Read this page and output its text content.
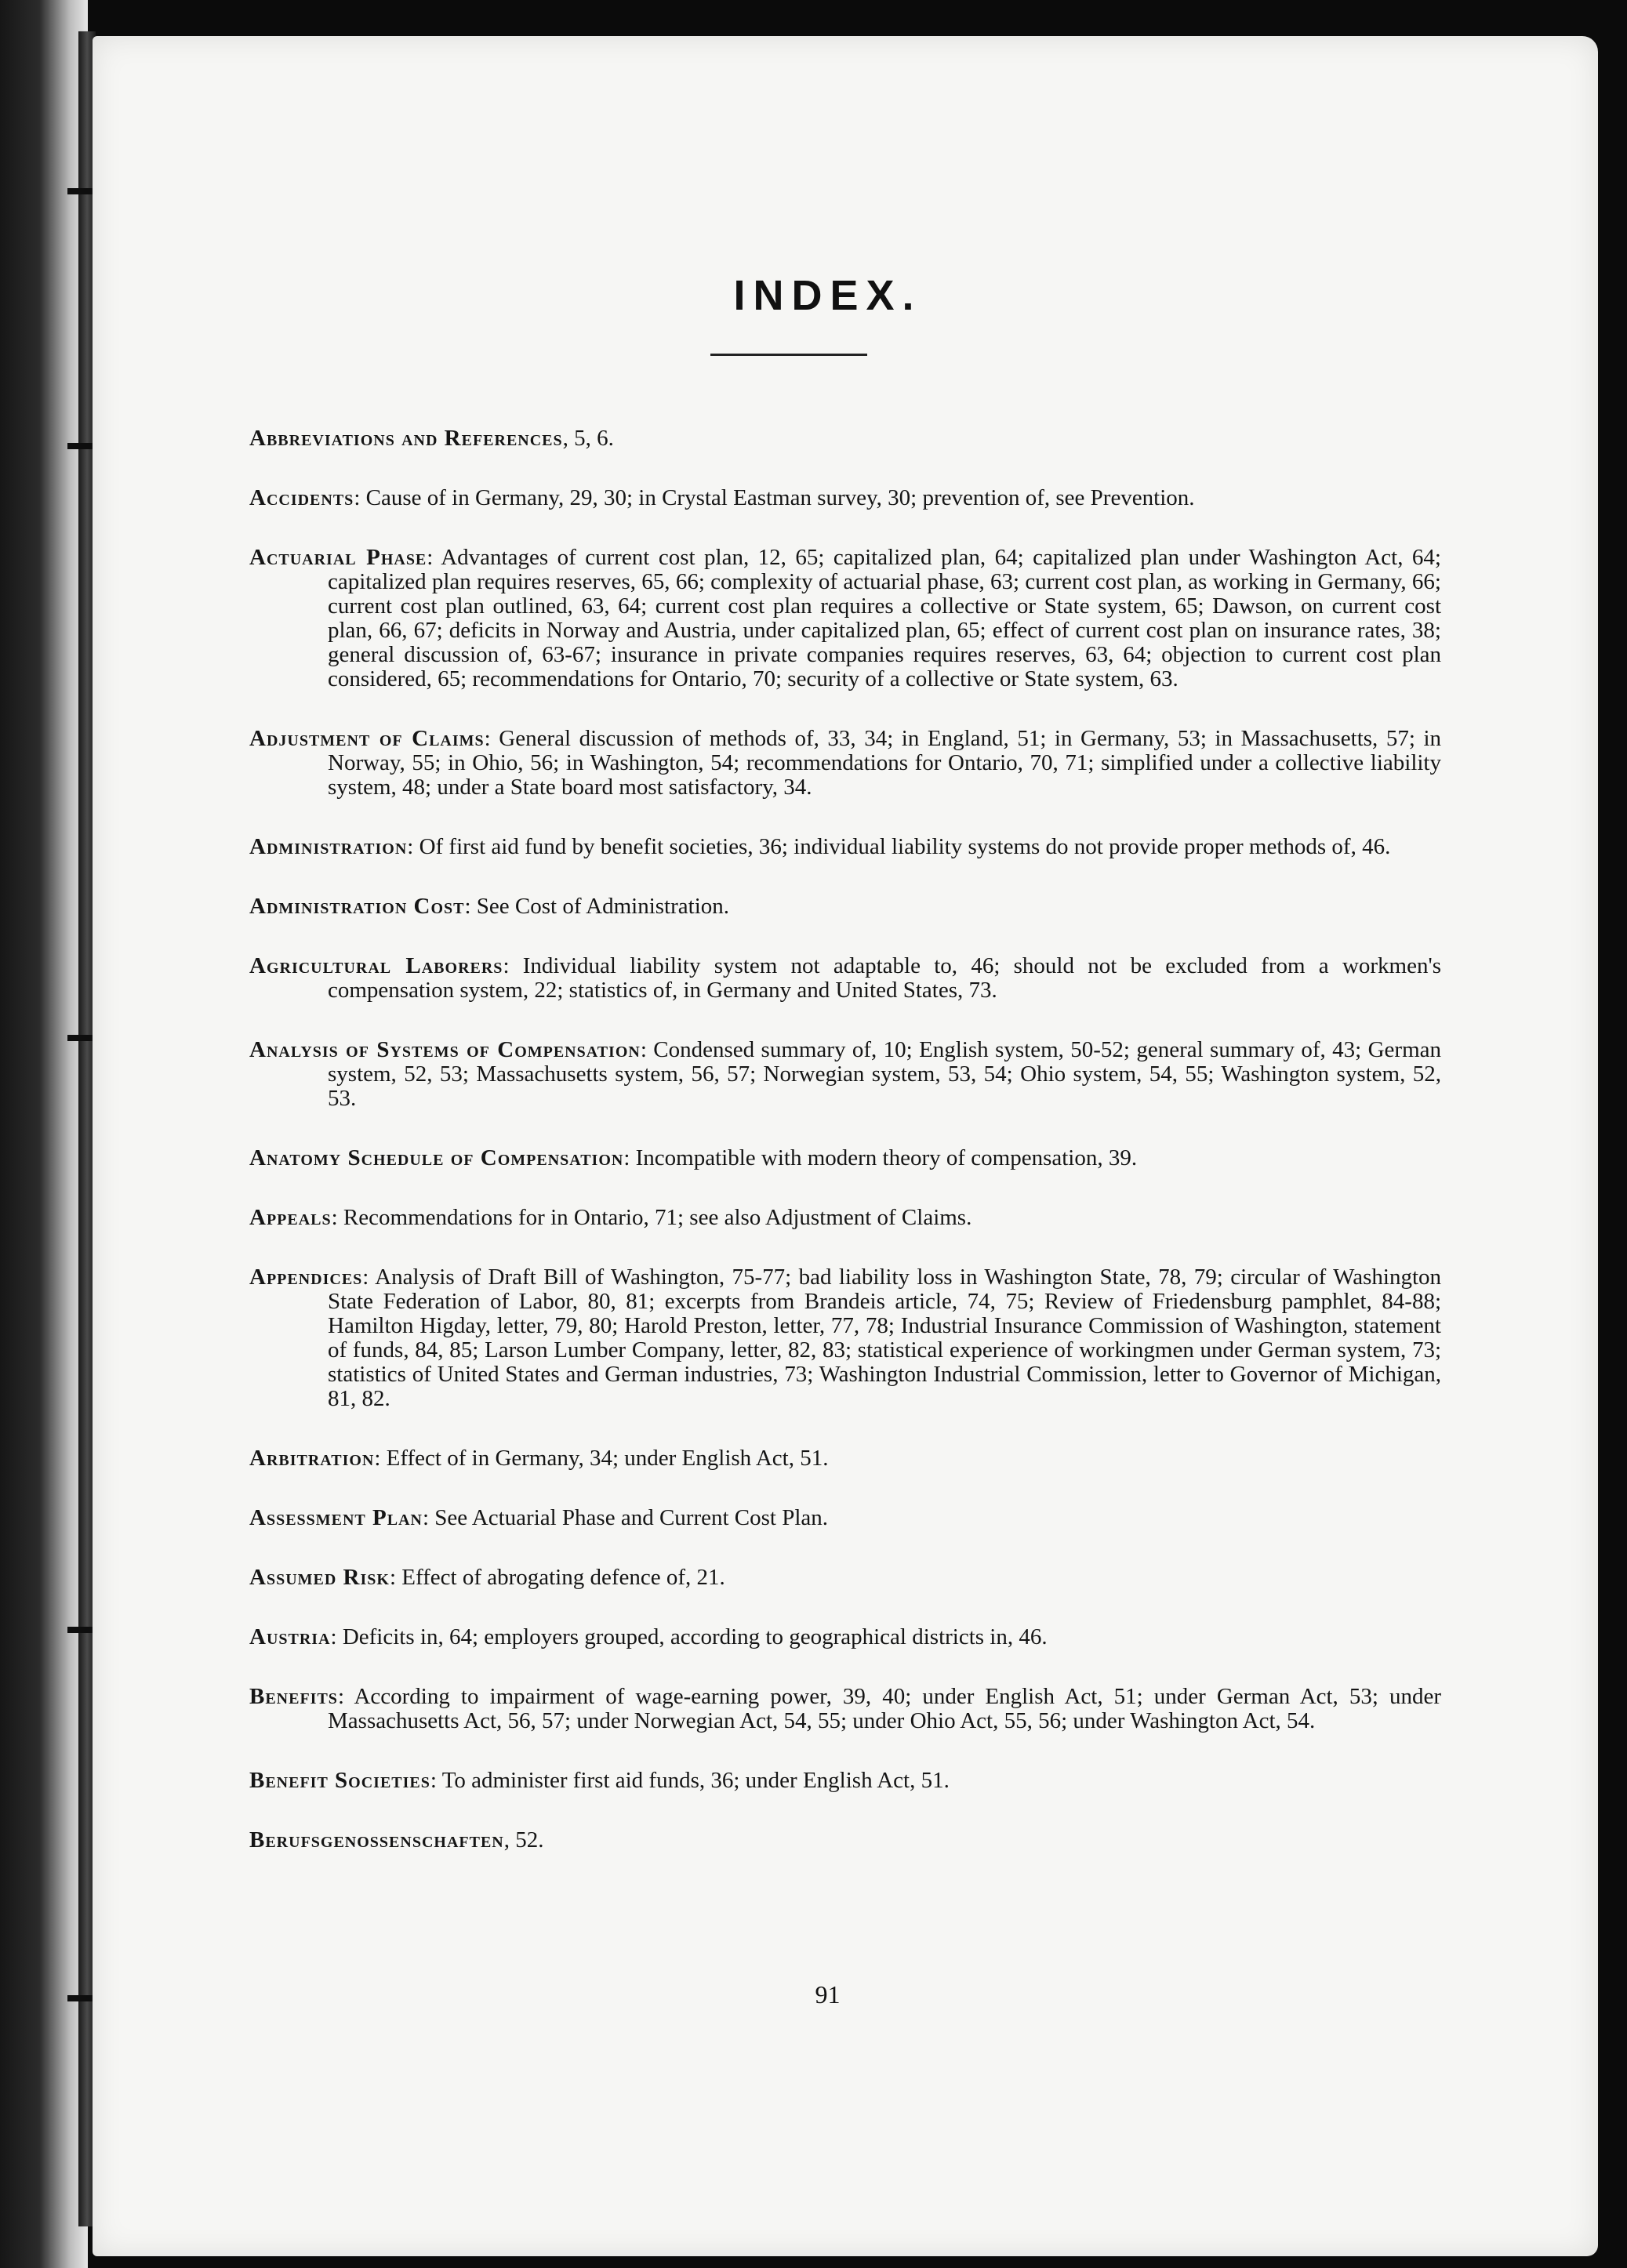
INDEX.
Abbreviations and References, 5, 6.
Accidents: Cause of in Germany, 29, 30; in Crystal Eastman survey, 30; prevention of, see Prevention.
Actuarial Phase: Advantages of current cost plan, 12, 65; capitalized plan, 64; capitalized plan under Washington Act, 64; capitalized plan requires reserves, 65, 66; complexity of actuarial phase, 63; current cost plan, as working in Germany, 66; current cost plan outlined, 63, 64; current cost plan requires a collective or State system, 65; Dawson, on current cost plan, 66, 67; deficits in Norway and Austria, under capitalized plan, 65; effect of current cost plan on insurance rates, 38; general discussion of, 63-67; insurance in private companies requires reserves, 63, 64; objection to current cost plan considered, 65; recommendations for Ontario, 70; security of a collective or State system, 63.
Adjustment of Claims: General discussion of methods of, 33, 34; in England, 51; in Germany, 53; in Massachusetts, 57; in Norway, 55; in Ohio, 56; in Washington, 54; recommendations for Ontario, 70, 71; simplified under a collective liability system, 48; under a State board most satisfactory, 34.
Administration: Of first aid fund by benefit societies, 36; individual liability systems do not provide proper methods of, 46.
Administration Cost: See Cost of Administration.
Agricultural Laborers: Individual liability system not adaptable to, 46; should not be excluded from a workmen's compensation system, 22; statistics of, in Germany and United States, 73.
Analysis of Systems of Compensation: Condensed summary of, 10; English system, 50-52; general summary of, 43; German system, 52, 53; Massachusetts system, 56, 57; Norwegian system, 53, 54; Ohio system, 54, 55; Washington system, 52, 53.
Anatomy Schedule of Compensation: Incompatible with modern theory of compensation, 39.
Appeals: Recommendations for in Ontario, 71; see also Adjustment of Claims.
Appendices: Analysis of Draft Bill of Washington, 75-77; bad liability loss in Washington State, 78, 79; circular of Washington State Federation of Labor, 80, 81; excerpts from Brandeis article, 74, 75; Review of Friedensburg pamphlet, 84-88; Hamilton Higday, letter, 79, 80; Harold Preston, letter, 77, 78; Industrial Insurance Commission of Washington, statement of funds, 84, 85; Larson Lumber Company, letter, 82, 83; statistical experience of workingmen under German system, 73; statistics of United States and German industries, 73; Washington Industrial Commission, letter to Governor of Michigan, 81, 82.
Arbitration: Effect of in Germany, 34; under English Act, 51.
Assessment Plan: See Actuarial Phase and Current Cost Plan.
Assumed Risk: Effect of abrogating defence of, 21.
Austria: Deficits in, 64; employers grouped, according to geographical districts in, 46.
Benefits: According to impairment of wage-earning power, 39, 40; under English Act, 51; under German Act, 53; under Massachusetts Act, 56, 57; under Norwegian Act, 54, 55; under Ohio Act, 55, 56; under Washington Act, 54.
Benefit Societies: To administer first aid funds, 36; under English Act, 51.
Berufsgenossenschaften, 52.
91
